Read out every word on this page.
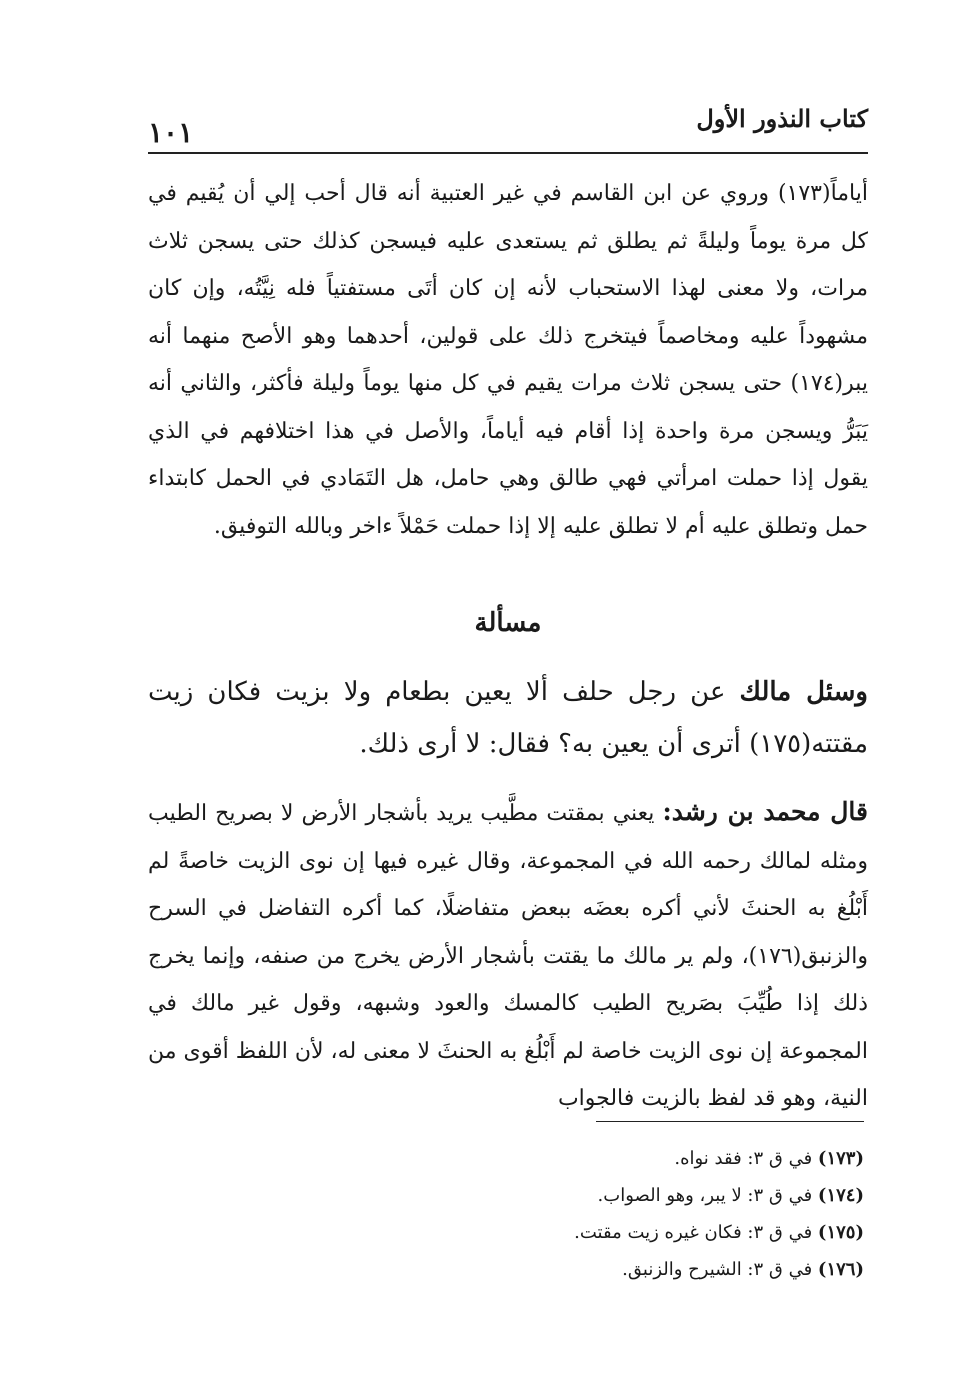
كتاب النذور الأول
١٠١

أياماً(١٧٣) وروي عن ابن القاسم في غير العتبية أنه قال أحب إلي أن يُقيم في كل مرة يوماً وليلةً ثم يطلق ثم يستعدى عليه فيسجن كذلك حتى يسجن ثلاث مرات، ولا معنى لهذا الاستحباب لأنه إن كان أتَى مستفتياً فله نِيَّتُه، وإن كان مشهوداً عليه ومخاصماً فيتخرج ذلك على قولين، أحدهما وهو الأصح منهما أنه يبر(١٧٤) حتى يسجن ثلاث مرات يقيم في كل منها يوماً وليلة فأكثر، والثاني أنه يَبَرُّ ويسجن مرة واحدة إذا أقام فيه أياماً، والأصل في هذا اختلافهم في الذي يقول إذا حملت امرأتي فهي طالق وهي حامل، هل التَمَادي في الحمل كابتداء حمل وتطلق عليه أم لا تطلق عليه إلا إذا حملت حَمْلاً ءاخر وبالله التوفيق.

مسألة

وسئل مالك عن رجل حلف ألا يعين بطعام ولا بزيت فكان زيت مقتته(١٧٥) أترى أن يعين به؟ فقال: لا أرى ذلك.

قال محمد بن رشد: يعني بمقتت مطَّيب يريد بأشجار الأرض لا بصريح الطيب ومثله لمالك رحمه الله في المجموعة، وقال غيره فيها إن نوى الزيت خاصةً لم أَبْلُغ به الحنثَ لأني أكره بعضَه ببعض متفاضلًا، كما أكره التفاضل في السرح والزنبق(١٧٦)، ولم ير مالك ما يقتت بأشجار الأرض يخرج من صنفه، وإنما يخرج ذلك إذا طُيِّبَ بصَريح الطيب كالمسك والعود وشبهه، وقول غير مالك في المجموعة إن نوى الزيت خاصة لم أَبْلُغ به الحنثَ لا معنى له، لأن اللفظ أقوى من النية، وهو قد لفظ بالزيت فالجواب

(١٧٣) في ق ٣: فقد نواه.
(١٧٤) في ق ٣: لا يبر، وهو الصواب.
(١٧٥) في ق ٣: فكان غيره زيت مقتت.
(١٧٦) في ق ٣: الشيرح والزنبق.
